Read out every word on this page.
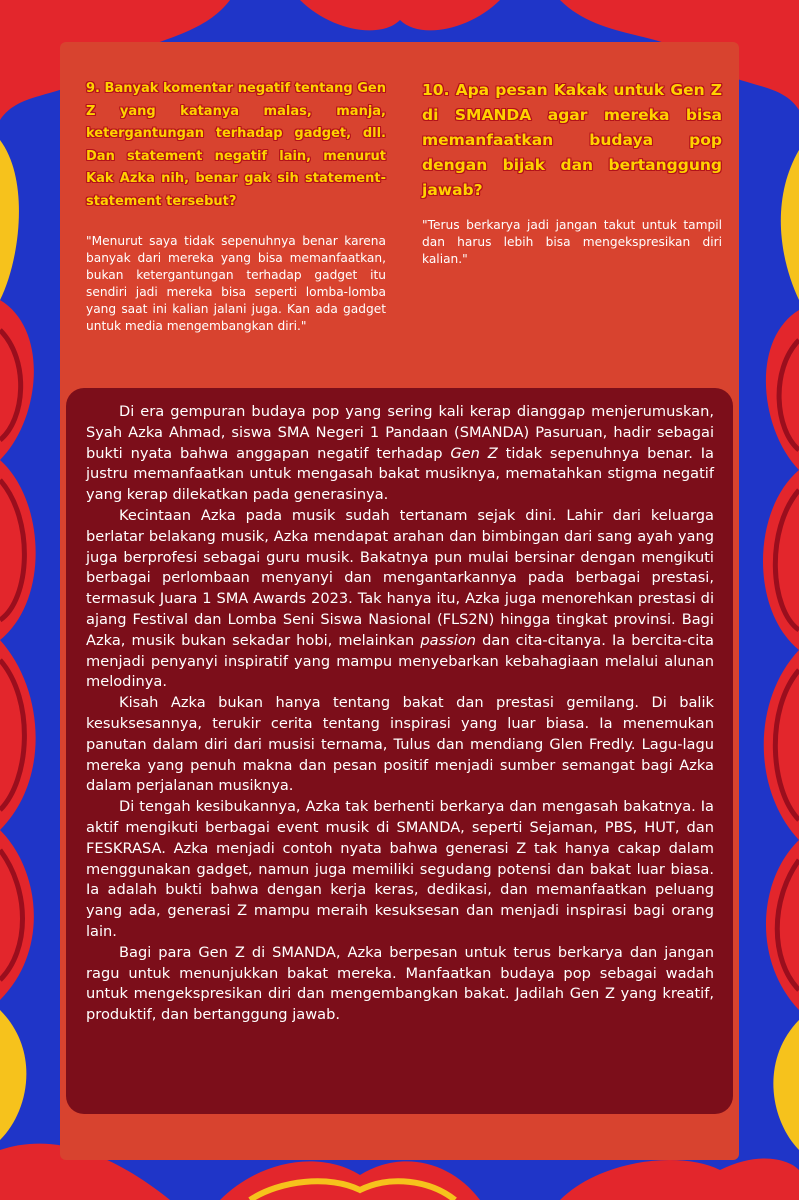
9. Banyak komentar negatif tentang Gen Z yang katanya malas, manja, ketergantungan terhadap gadget, dll. Dan statement negatif lain, menurut Kak Azka nih, benar gak sih statement-statement tersebut?

"Menurut saya tidak sepenuhnya benar karena banyak dari mereka yang bisa memanfaatkan, bukan ketergantungan terhadap gadget itu sendiri jadi mereka bisa seperti lomba-lomba yang saat ini kalian jalani juga. Kan ada gadget untuk media mengembangkan diri."

10. Apa pesan Kakak untuk Gen Z di SMANDA agar mereka bisa memanfaatkan budaya pop dengan bijak dan bertanggung jawab?

"Terus berkarya jadi jangan takut untuk tampil dan harus lebih bisa mengekspresikan diri kalian."

Di era gempuran budaya pop yang sering kali kerap dianggap menjerumuskan, Syah Azka Ahmad, siswa SMA Negeri 1 Pandaan (SMANDA) Pasuruan, hadir sebagai bukti nyata bahwa anggapan negatif terhadap Gen Z tidak sepenuhnya benar. Ia justru memanfaatkan untuk mengasah bakat musiknya, mematahkan stigma negatif yang kerap dilekatkan pada generasinya.

Kecintaan Azka pada musik sudah tertanam sejak dini. Lahir dari keluarga berlatar belakang musik, Azka mendapat arahan dan bimbingan dari sang ayah yang juga berprofesi sebagai guru musik. Bakatnya pun mulai bersinar dengan mengikuti berbagai perlombaan menyanyi dan mengantarkannya pada berbagai prestasi, termasuk Juara 1 SMA Awards 2023. Tak hanya itu, Azka juga menorehkan prestasi di ajang Festival dan Lomba Seni Siswa Nasional (FLS2N) hingga tingkat provinsi. Bagi Azka, musik bukan sekadar hobi, melainkan passion dan cita-citanya. Ia bercita-cita menjadi penyanyi inspiratif yang mampu menyebarkan kebahagiaan melalui alunan melodinya.

Kisah Azka bukan hanya tentang bakat dan prestasi gemilang. Di balik kesuksesannya, terukir cerita tentang inspirasi yang luar biasa. Ia menemukan panutan dalam diri dari musisi ternama, Tulus dan mendiang Glen Fredly. Lagu-lagu mereka yang penuh makna dan pesan positif menjadi sumber semangat bagi Azka dalam perjalanan musiknya.

Di tengah kesibukannya, Azka tak berhenti berkarya dan mengasah bakatnya. Ia aktif mengikuti berbagai event musik di SMANDA, seperti Sejaman, PBS, HUT, dan FESKRASA. Azka menjadi contoh nyata bahwa generasi Z tak hanya cakap dalam menggunakan gadget, namun juga memiliki segudang potensi dan bakat luar biasa. Ia adalah bukti bahwa dengan kerja keras, dedikasi, dan memanfaatkan peluang yang ada, generasi Z mampu meraih kesuksesan dan menjadi inspirasi bagi orang lain.

Bagi para Gen Z di SMANDA, Azka berpesan untuk terus berkarya dan jangan ragu untuk menunjukkan bakat mereka. Manfaatkan budaya pop sebagai wadah untuk mengekspresikan diri dan mengembangkan bakat. Jadilah Gen Z yang kreatif, produktif, dan bertanggung jawab.
